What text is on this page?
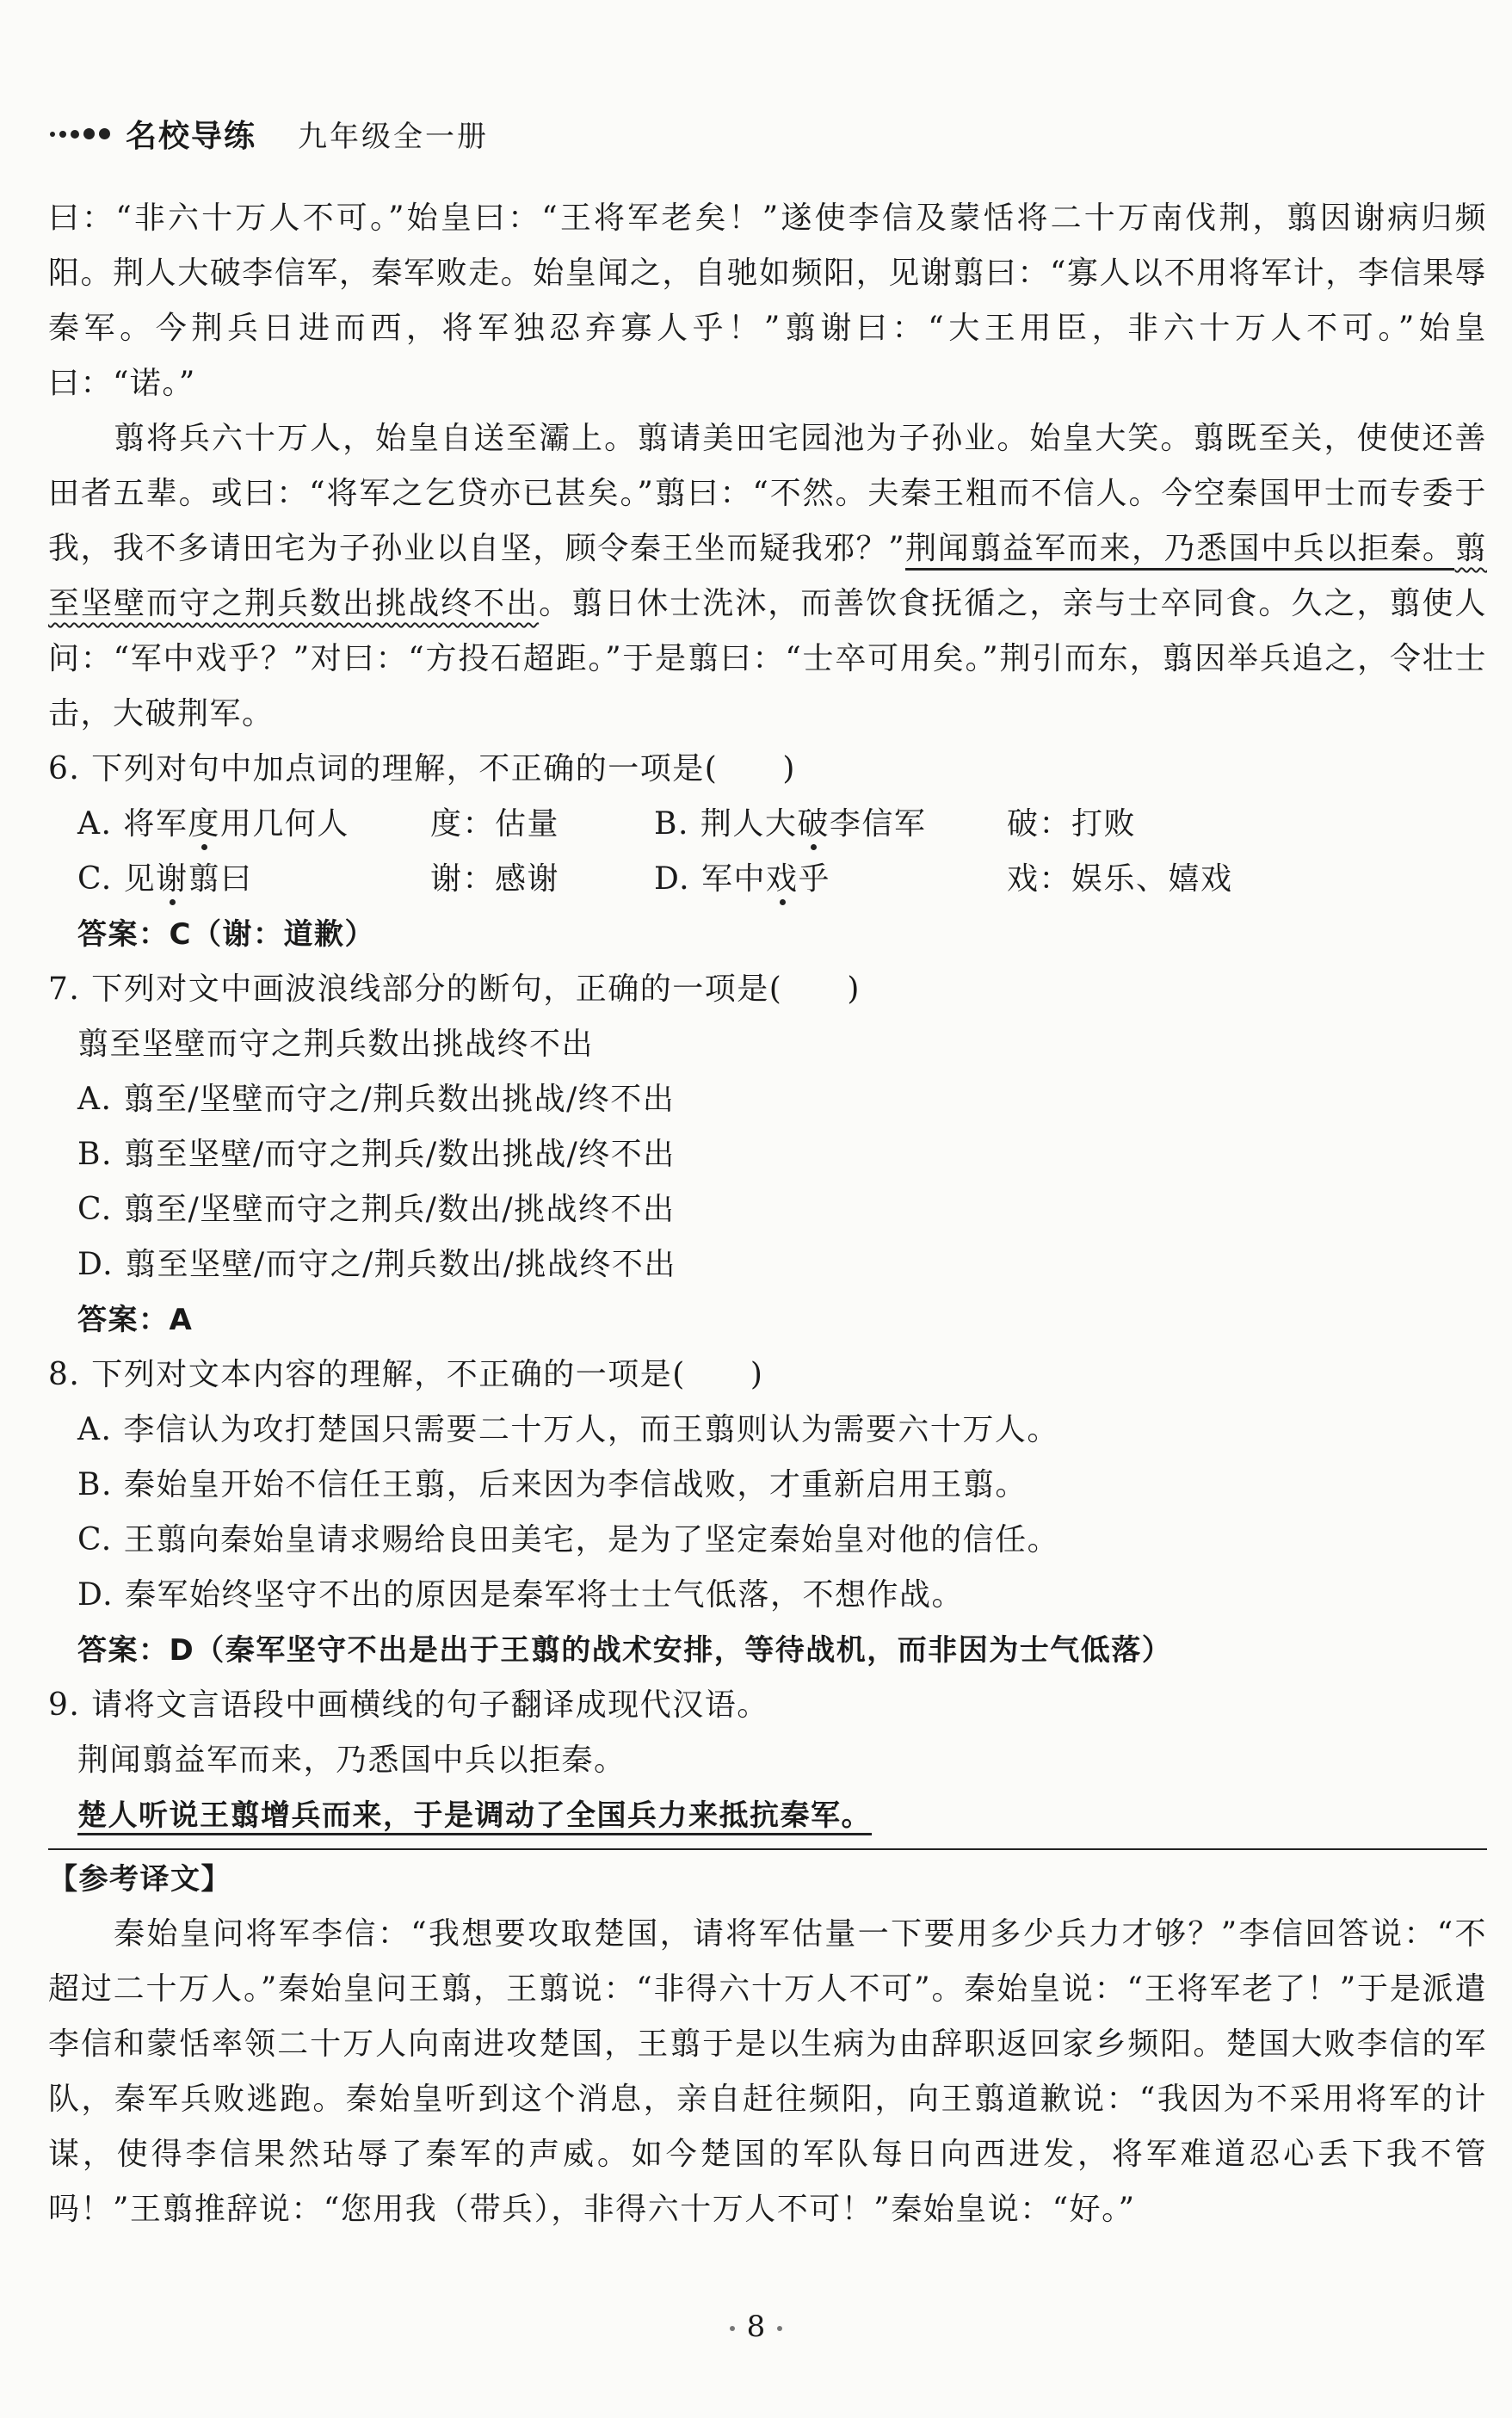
名校导练 九年级全一册

曰：“非六十万人不可。”始皇曰：“王将军老矣！”遂使李信及蒙恬将二十万南伐荆，翦因谢病归频阳。荆人大破李信军，秦军败走。始皇闻之，自驰如频阳，见谢翦曰：“寡人以不用将军计，李信果辱秦军。今荆兵日进而西，将军独忍弃寡人乎！”翦谢曰：“大王用臣，非六十万人不可。”始皇曰：“诺。”

翦将兵六十万人，始皇自送至灞上。翦请美田宅园池为子孙业。始皇大笑。翦既至关，使使还善田者五辈。或曰：“将军之乞贷亦已甚矣。”翦曰：“不然。夫秦王粗而不信人。今空秦国甲士而专委于我，我不多请田宅为子孙业以自坚，顾令秦王坐而疑我邪？”荆闻翦益军而来，乃悉国中兵以拒秦。翦至坚壁而守之荆兵数出挑战终不出。翦日休士洗沐，而善饮食抚循之，亲与士卒同食。久之，翦使人问：“军中戏乎？”对曰：“方投石超距。”于是翦曰：“士卒可用矣。”荆引而东，翦因举兵追之，令壮士击，大破荆军。

6. 下列对句中加点词的理解，不正确的一项是(　　)

A. 将军度用几何人	度：估量	B. 荆人大破李信军	破：打败
C. 见谢翦曰	谢：感谢	D. 军中戏乎	戏：娱乐、嬉戏

答案：C（谢：道歉）

7. 下列对文中画波浪线部分的断句，正确的一项是(　　)

翦至坚壁而守之荆兵数出挑战终不出

A. 翦至/坚壁而守之/荆兵数出挑战/终不出

B. 翦至坚壁/而守之荆兵/数出挑战/终不出

C. 翦至/坚壁而守之荆兵/数出/挑战终不出

D. 翦至坚壁/而守之/荆兵数出/挑战终不出

答案：A

8. 下列对文本内容的理解，不正确的一项是(　　)

A. 李信认为攻打楚国只需要二十万人，而王翦则认为需要六十万人。

B. 秦始皇开始不信任王翦，后来因为李信战败，才重新启用王翦。

C. 王翦向秦始皇请求赐给良田美宅，是为了坚定秦始皇对他的信任。

D. 秦军始终坚守不出的原因是秦军将士士气低落，不想作战。

答案：D（秦军坚守不出是出于王翦的战术安排，等待战机，而非因为士气低落）

9. 请将文言语段中画横线的句子翻译成现代汉语。

荆闻翦益军而来，乃悉国中兵以拒秦。

楚人听说王翦增兵而来，于是调动了全国兵力来抵抗秦军。

【参考译文】

秦始皇问将军李信：“我想要攻取楚国，请将军估量一下要用多少兵力才够？”李信回答说：“不超过二十万人。”秦始皇问王翦，王翦说：“非得六十万人不可”。秦始皇说：“王将军老了！”于是派遣李信和蒙恬率领二十万人向南进攻楚国，王翦于是以生病为由辞职返回家乡频阳。楚国大败李信的军队，秦军兵败逃跑。秦始皇听到这个消息，亲自赶往频阳，向王翦道歉说：“我因为不采用将军的计谋，使得李信果然玷辱了秦军的声威。如今楚国的军队每日向西进发，将军难道忍心丢下我不管吗！”王翦推辞说：“您用我（带兵），非得六十万人不可！”秦始皇说：“好。”

8
